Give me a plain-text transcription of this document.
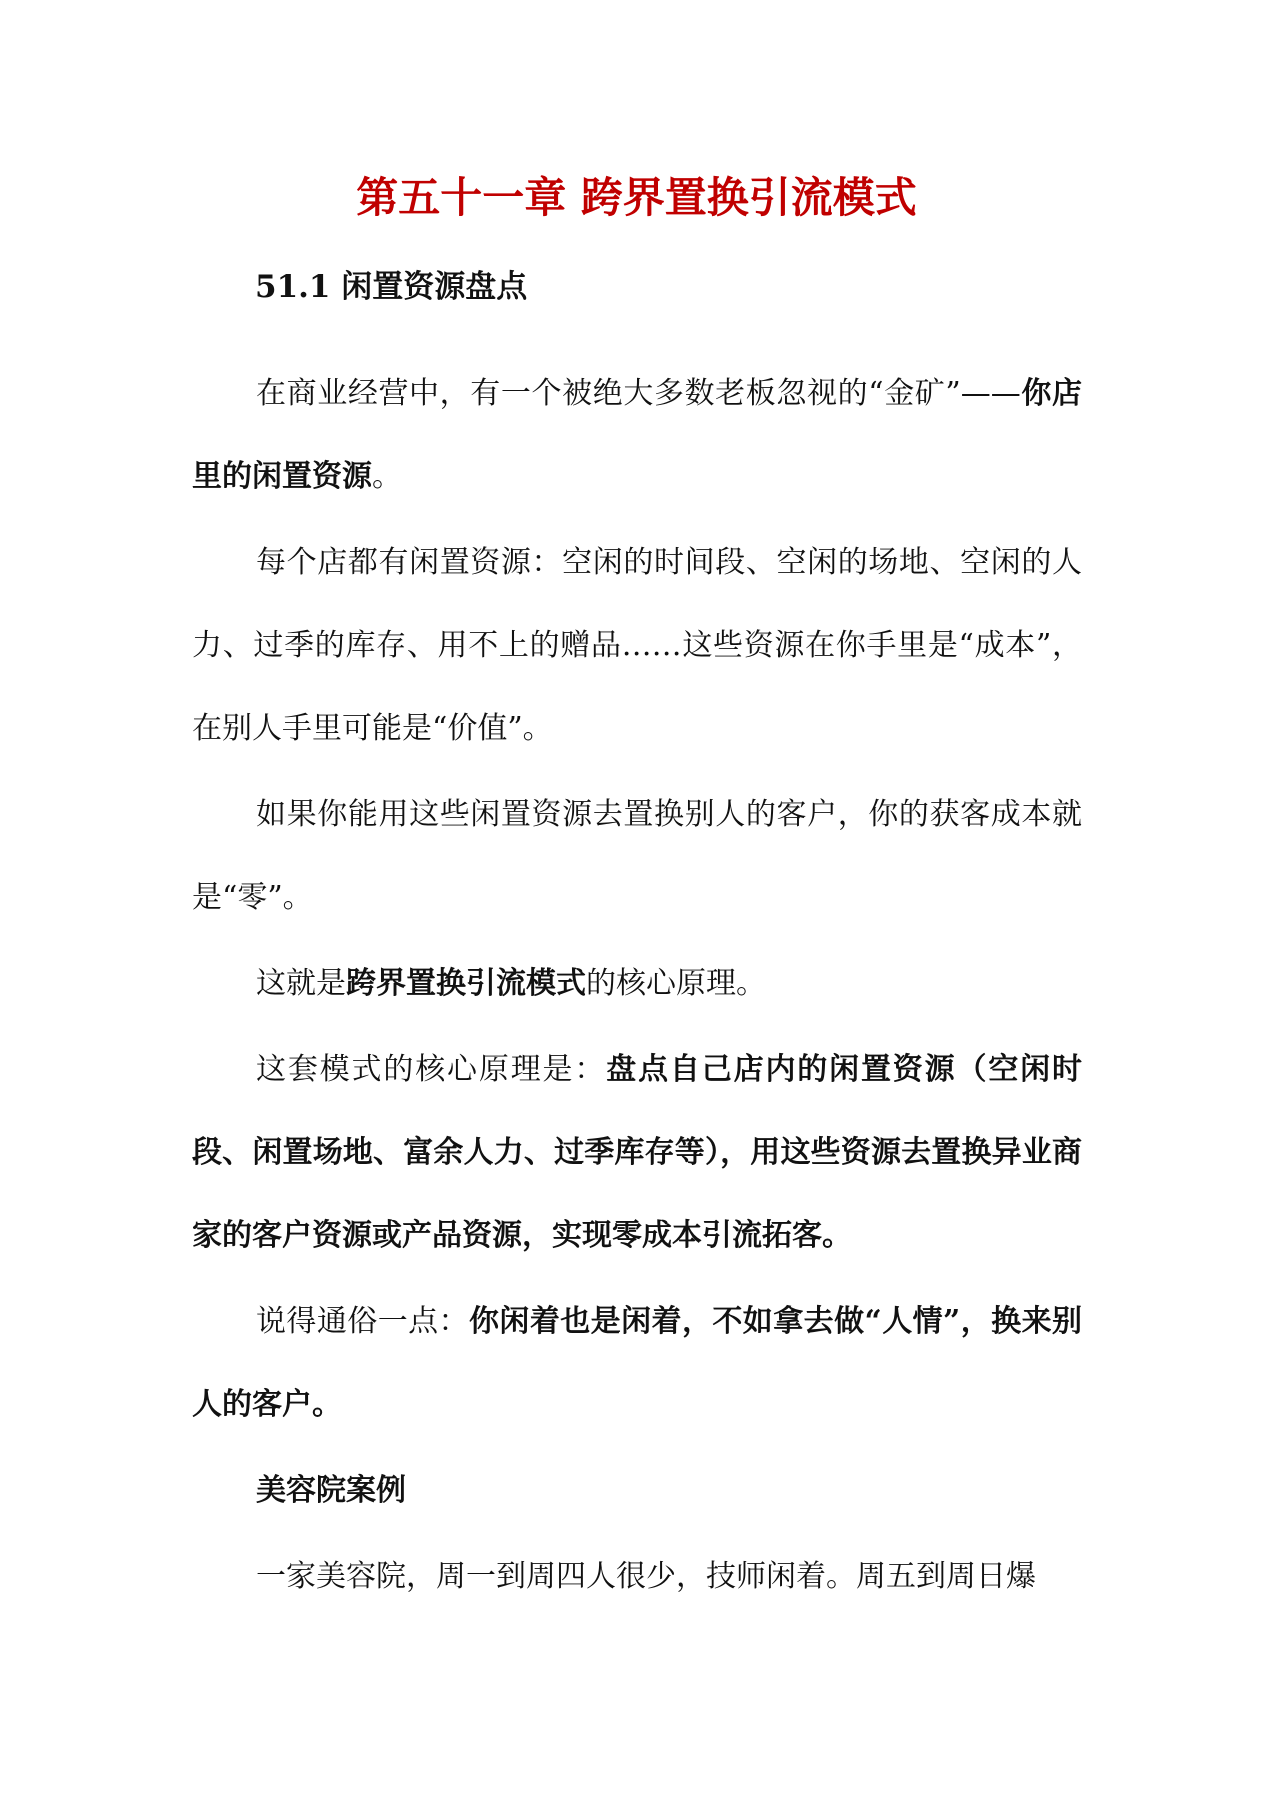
第五十一章 跨界置换引流模式
51.1 闲置资源盘点

在商业经营中，有一个被绝大多数老板忽视的“金矿”——你店里的闲置资源。

每个店都有闲置资源：空闲的时间段、空闲的场地、空闲的人力、过季的库存、用不上的赠品……这些资源在你手里是“成本”，在别人手里可能是“价值”。

如果你能用这些闲置资源去置换别人的客户，你的获客成本就是“零”。

这就是跨界置换引流模式的核心原理。

这套模式的核心原理是：盘点自己店内的闲置资源（空闲时段、闲置场地、富余人力、过季库存等），用这些资源去置换异业商家的客户资源或产品资源，实现零成本引流拓客。

说得通俗一点：你闲着也是闲着，不如拿去做“人情”，换来别人的客户。

美容院案例

一家美容院，周一到周四人很少，技师闲着。周五到周日爆
